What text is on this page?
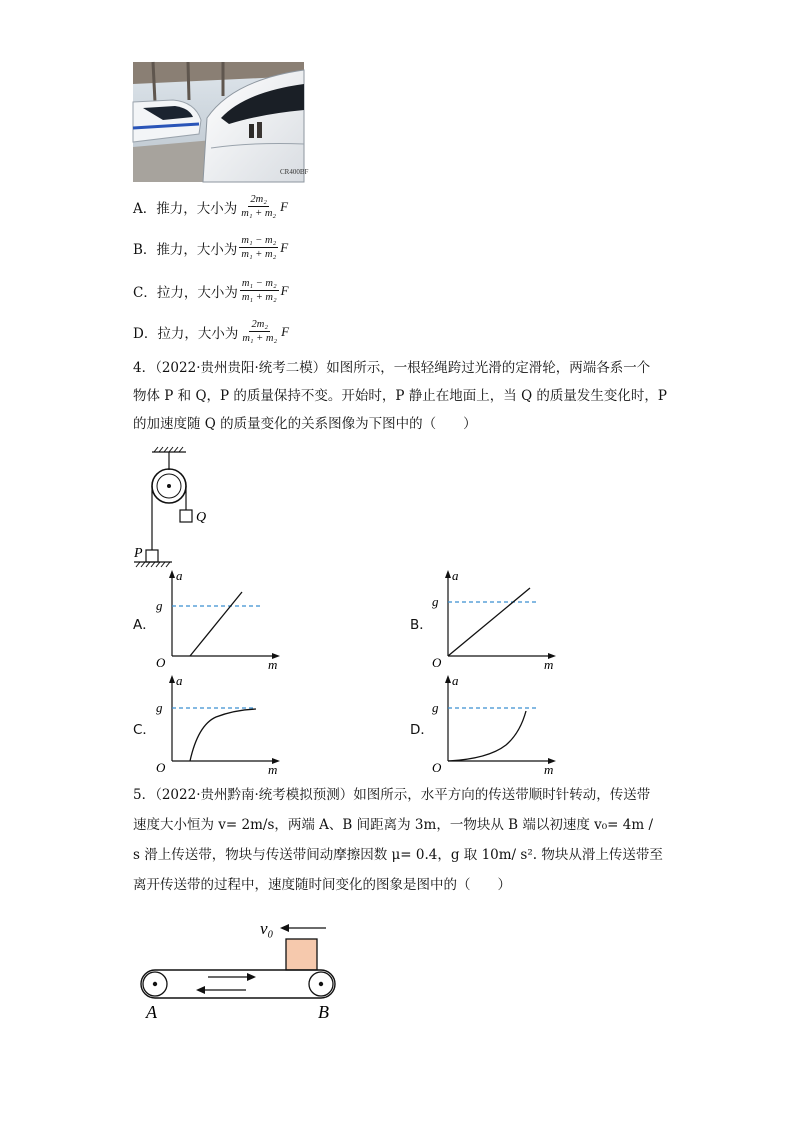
CR400BF
A． 推力，大小为 $\frac{\text{2m₂}}{\text{m₁ + m₂}}$ F
B． 推力，大小为 $\frac{\text{m₁ − m₂}}{\text{m₁ + m₂}}$ F
C． 拉力，大小为 $\frac{\text{m₁ − m₂}}{\text{m₁ + m₂}}$ F
D． 拉力，大小为 $\frac{\text{2m₂}}{\text{m₁ + m₂}}$ F
4．（2022·贵州贵阳·统考二模）如图所示，一根轻绳跨过光滑的定滑轮，两端各系一个
物体 P 和 Q，P 的质量保持不变。开始时，P 静止在地面上，当 Q 的质量发生变化时，P
的加速度随 Q 的质量变化的关系图像为下图中的（　　）
Q
P
A．
a
m
O
g
B．
a
m
O
g
C．
a
m
O
g
D．
a
m
O
g
5．（2022·贵州黔南·统考模拟预测）如图所示，水平方向的传送带顺时针转动，传送带
速度大小恒为 v= 2m/s，两端 A、B 间距离为 3m，一物块从 B 端以初速度 v₀= 4m /
s 滑上传送带，物块与传送带间动摩擦因数 μ= 0.4，g 取 10m/ s². 物块从滑上传送带至
离开传送带的过程中，速度随时间变化的图象是图中的（　　）
v₀
A	B
